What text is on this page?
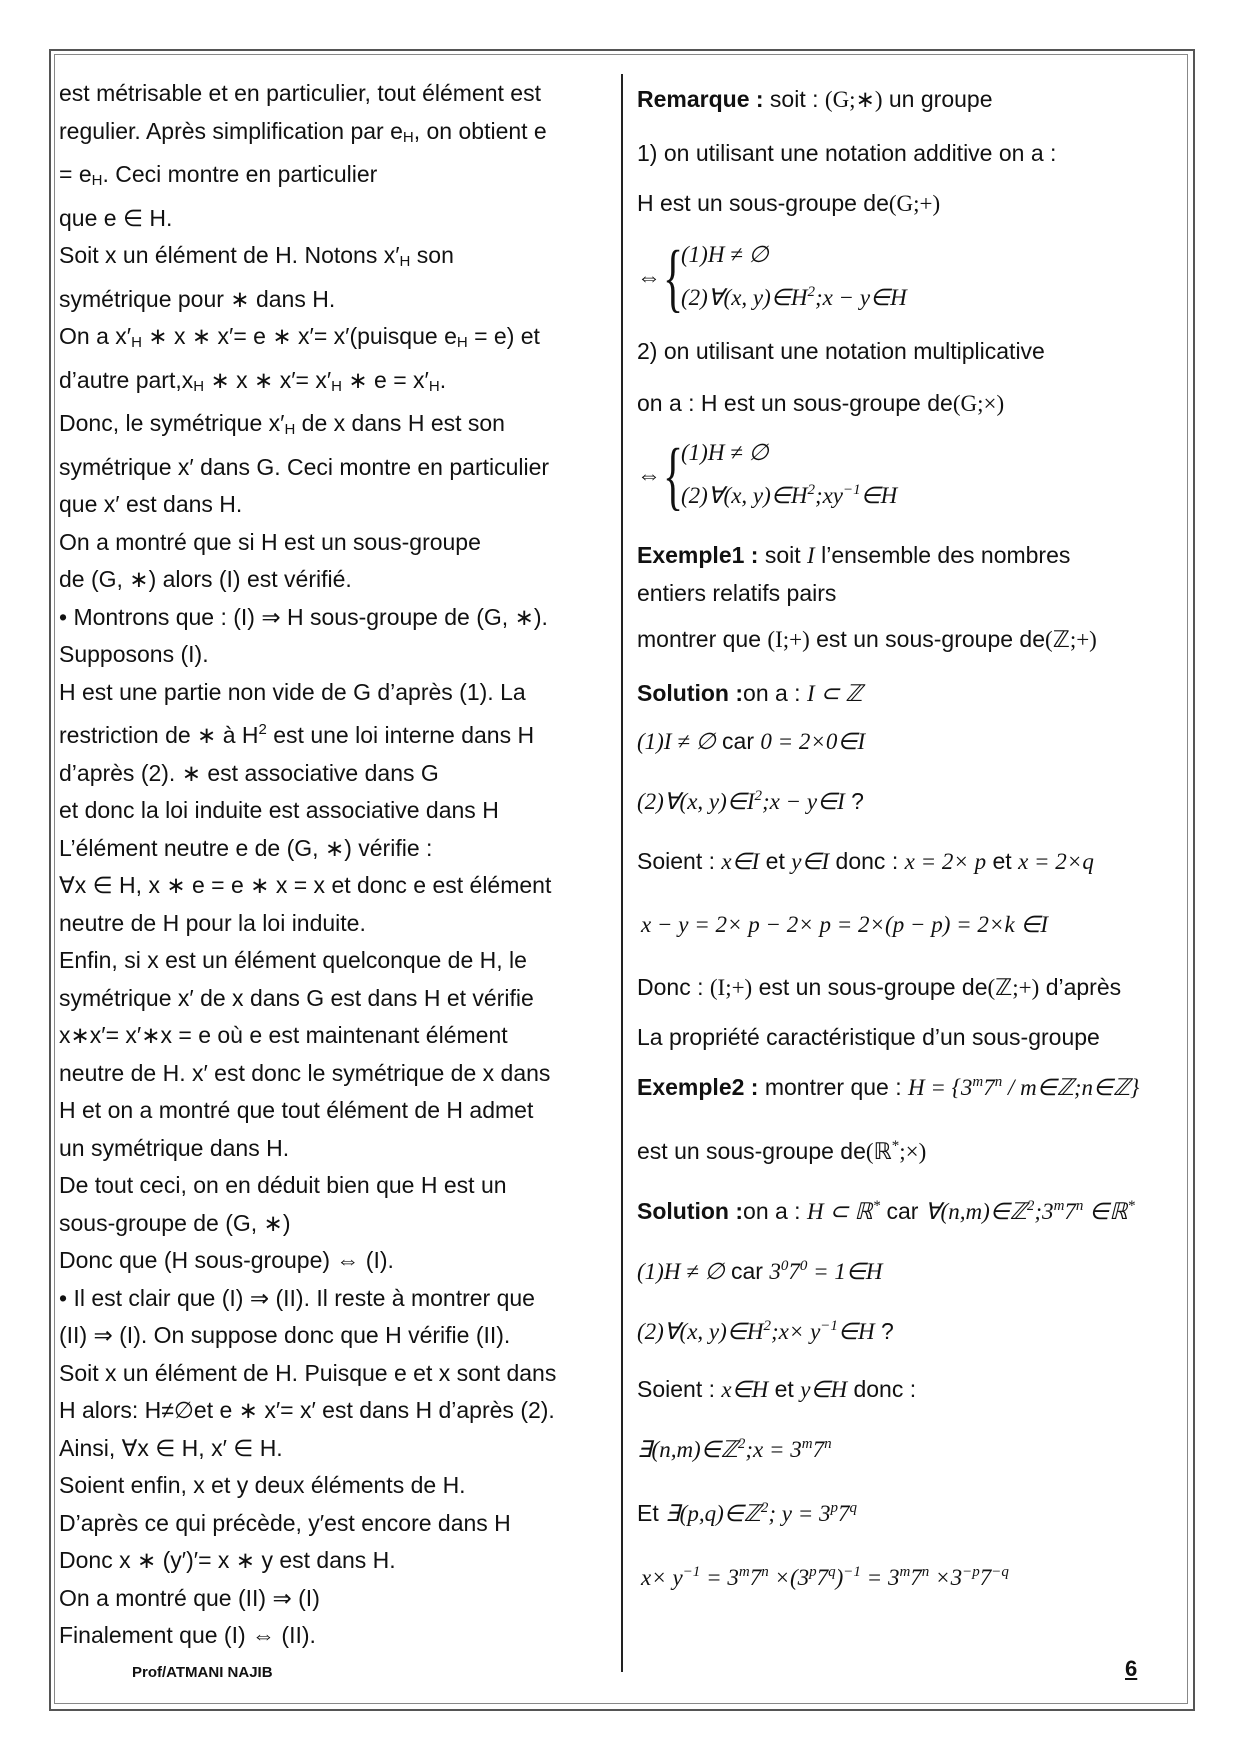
est métrisable et en particulier, tout élément est

regulier. Après simplification par $e_H$, on obtient e

= $e_H$. Ceci montre en particulier

que e ∈ H.

Soit x un élément de H. Notons $x'_H$ son

symétrique pour ∗ dans H.

On a $x'_H$ ∗ x ∗ x′= e ∗ x′= x′(puisque $e_H = e$) et

d’autre $part,x_H$ ∗ x ∗ $x'= x'_H$ ∗ $e = x'_H$.

Donc, le symétrique $x'_H$ de x dans H est son

symétrique x′ dans G. Ceci montre en particulier

que x′ est dans H.

On a montré que si H est un sous-groupe

de (G, ∗) alors (I) est vérifié.

• Montrons que : (I) ⇒ H sous-groupe de (G, ∗).

Supposons (I).

H est une partie non vide de G d’après (1). La

restriction de ∗ à $H^2$ est une loi interne dans H

d’après (2). ∗ est associative dans G

et donc la loi induite est associative dans H

L’élément neutre e de (G, ∗) vérifie :

∀x ∈ H, x ∗ e = e ∗ x = x et donc e est élément

neutre de H pour la loi induite.

Enfin, si x est un élément quelconque de H, le

symétrique x′ de x dans G est dans H et vérifie

x∗x′= x′∗x = e où e est maintenant élément

neutre de H. x′ est donc le symétrique de x dans

H et on a montré que tout élément de H admet

un symétrique dans H.

De tout ceci, on en déduit bien que H est un

sous-groupe de (G, ∗)

Donc que (H sous-groupe) ⇔ (I).

• Il est clair que (I) ⇒ (II). Il reste à montrer que

(II) ⇒ (I). On suppose donc que H vérifie (II).

Soit x un élément de H. Puisque e et x sont dans

H alors: H≠∅et e ∗ x′= x′ est dans H d’après (2).

Ainsi, ∀x ∈ H, x′ ∈ H.

Soient enfin, x et y deux éléments de H.

D’après ce qui précède, y′est encore dans H

Donc x ∗ (y′)′= x ∗ y est dans H.

On a montré que (II) ⇒ (I)

Finalement que (I) ⇔ (II).

Remarque : soit : (G;∗) un groupe
1) on utilisant une notation additive on a :
H est un sous-groupe de(G;+)
⇔ {
(1)H ≠ ∅
(2)∀(x, $y)\in H^2;x$ − y∈H
2) on utilisant une notation multiplicative
on a : H est un sous-groupe de(G;×)
⇔ {
(1)H ≠ ∅
(2)∀(x, $y)\in H^2;xy^{-1}\in H$
Exemple1 : soit I l’ensemble des nombres
entiers relatifs pairs
montrer que (I;+) est un sous-groupe de(ℤ;+)
Solution :on a : I ⊂ ℤ
(1)I ≠ ∅ car 0 = 2×0∈I
(2)∀(x, $y)\in I^2;x$ − y∈I ?
Soient : x∈I et y∈I donc : x = 2× p et x = 2×q
x − y = 2× p − 2× p = 2×(p − p) = 2×k ∈I
Donc : (I;+) est un sous-groupe de(ℤ;+) d’après
La propriété caractéristique d’un sous-groupe
Exemple2 : montrer que : $H = \{3^m7^n$ / m∈ℤ;n∈ℤ}
est un sous-groupe de(ℝ*;×)
Solution :on a : H ⊂ ℝ* car ∀(n,m)∈ℤ$^2$;3$^m$7$^n$ ∈ℝ*
(1)H ≠ ∅ car $3^07^0$ = 1∈H
(2)∀(x, $y)\in H^2;x\times$ $y^{-1}\in H$ ?
Soient : x∈H et y∈H donc :
∃(n,m)∈ℤ$^2$;x = $3^m7^n$
Et ∃(p,q)∈ℤ$^2$; $y = 3^p7^q$
$x\times y^{-1} = 3^m7^n \times(3^p7^q)^{-1} = 3^m7^n \times 3^{-p}7^{-q}$
Prof/ATMANI NAJIB	6
